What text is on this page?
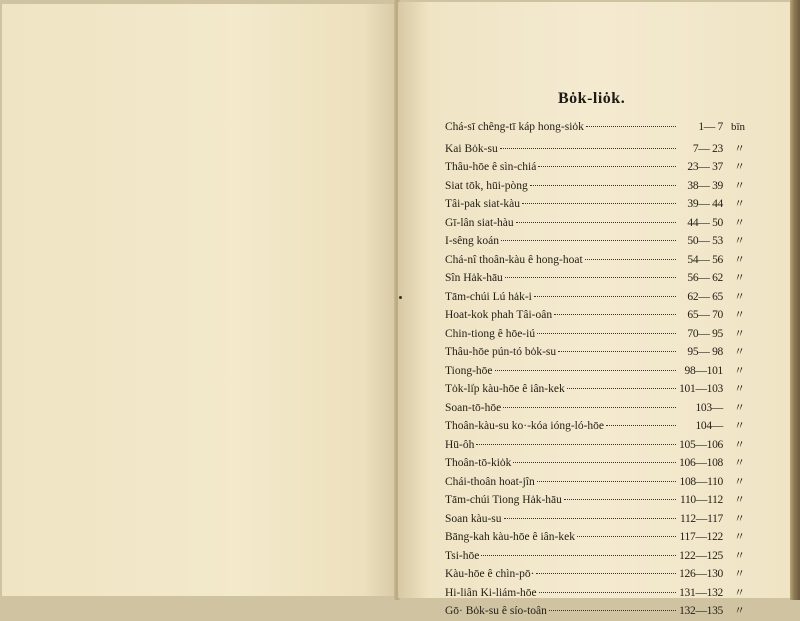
Bȯk-liȯk.
Chá-sī chêng-tī káp hong-siȯk	1— 7 bīn
Kai Bȯk-su	7— 23	〃
Thâu-hōe ê sìn-chiá	23— 37	〃
Siat tōk, hūi-pòng	38— 39	〃
Tâi-pak siat-kàu	39— 44	〃
Gī-lân siat-hàu	44— 50	〃
I-sêng koán	50— 53	〃
Chá-nî thoân-kàu ê hong-hoat	54— 56	〃
Sîn Hȧk-hāu	56— 62	〃
Tām-chúi Lú hȧk-i	62— 65	〃
Hoat-kok phah Tâi-oân	65— 70	〃
Chin-tiong ê hōe-iú	70— 95	〃
Thâu-hōe pún-tó bȯk-su	95— 98	〃
Tiong-hōe	98—101	〃
Tȯk-li̍p kàu-hōe ê iân-kek	101—103	〃
Soan-tō-hōe	103—	〃
Thoân-kàu-su ko·-kóa ióng-ló-hōe	104—	〃
Hū-ôh	105—106	〃
Thoân-tō-kiȯk	106—108	〃
Chái-thoân hoat-jîn	108—110	〃
Tām-chúi Tiong Hȧk-hāu	110—112	〃
Soan kàu-su	112—117	〃
Bāng-kah kàu-hōe ê iân-kek	117—122	〃
Tsi-hōe	122—125	〃
Kàu-hōe ê chìn-pō·	126—130	〃
Hi-liân Ki-liám-hōe	131—132	〃
Gō· Bȯk-su ê sío-toân	132—135	〃
